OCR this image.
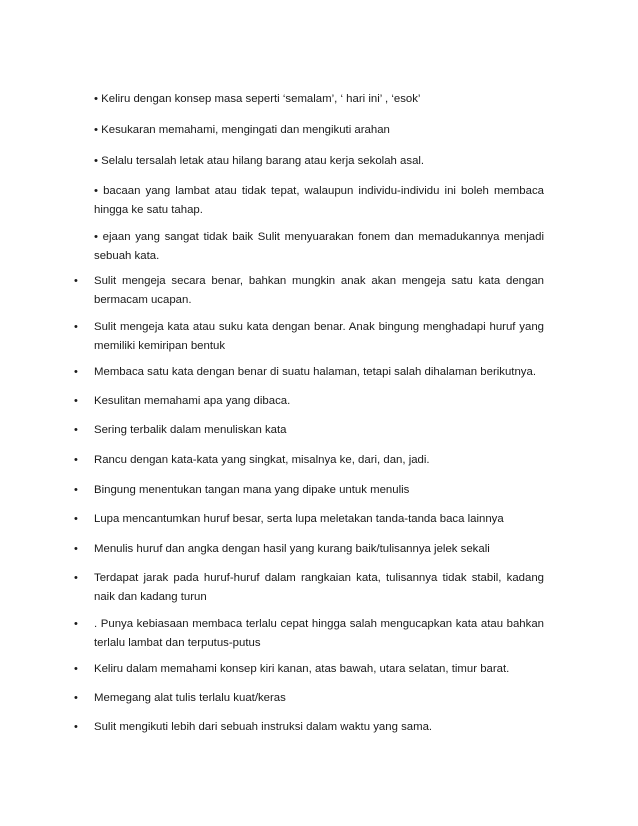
• Keliru dengan konsep masa seperti ‘semalam’, ‘ hari ini’ , ‘esok’

• Kesukaran memahami, mengingati dan mengikuti arahan

• Selalu tersalah letak atau hilang barang atau kerja sekolah asal.

• bacaan yang lambat atau tidak tepat, walaupun individu-individu ini boleh membaca hingga ke satu tahap.

• ejaan yang sangat tidak baik Sulit menyuarakan fonem dan memadukannya menjadi sebuah kata.

• Sulit mengeja secara benar, bahkan mungkin anak akan mengeja satu kata dengan bermacam ucapan.
• Sulit mengeja kata atau suku kata dengan benar. Anak bingung menghadapi huruf yang memiliki kemiripan bentuk
• Membaca satu kata dengan benar di suatu halaman, tetapi salah dihalaman berikutnya.
• Kesulitan memahami apa yang dibaca.
• Sering terbalik dalam menuliskan kata
• Rancu dengan kata-kata yang singkat, misalnya ke, dari, dan, jadi.
• Bingung menentukan tangan mana yang dipake untuk menulis
• Lupa mencantumkan huruf besar, serta lupa meletakan tanda-tanda baca lainnya
• Menulis huruf dan angka dengan hasil yang kurang baik/tulisannya jelek sekali
• Terdapat jarak pada huruf-huruf dalam rangkaian kata, tulisannya tidak stabil, kadang naik dan kadang turun
• . Punya kebiasaan membaca terlalu cepat hingga salah mengucapkan kata atau bahkan terlalu lambat dan terputus-putus
• Keliru dalam memahami konsep kiri kanan, atas bawah, utara selatan, timur barat.
• Memegang alat tulis terlalu kuat/keras
• Sulit mengikuti lebih dari sebuah instruksi dalam waktu yang sama.
